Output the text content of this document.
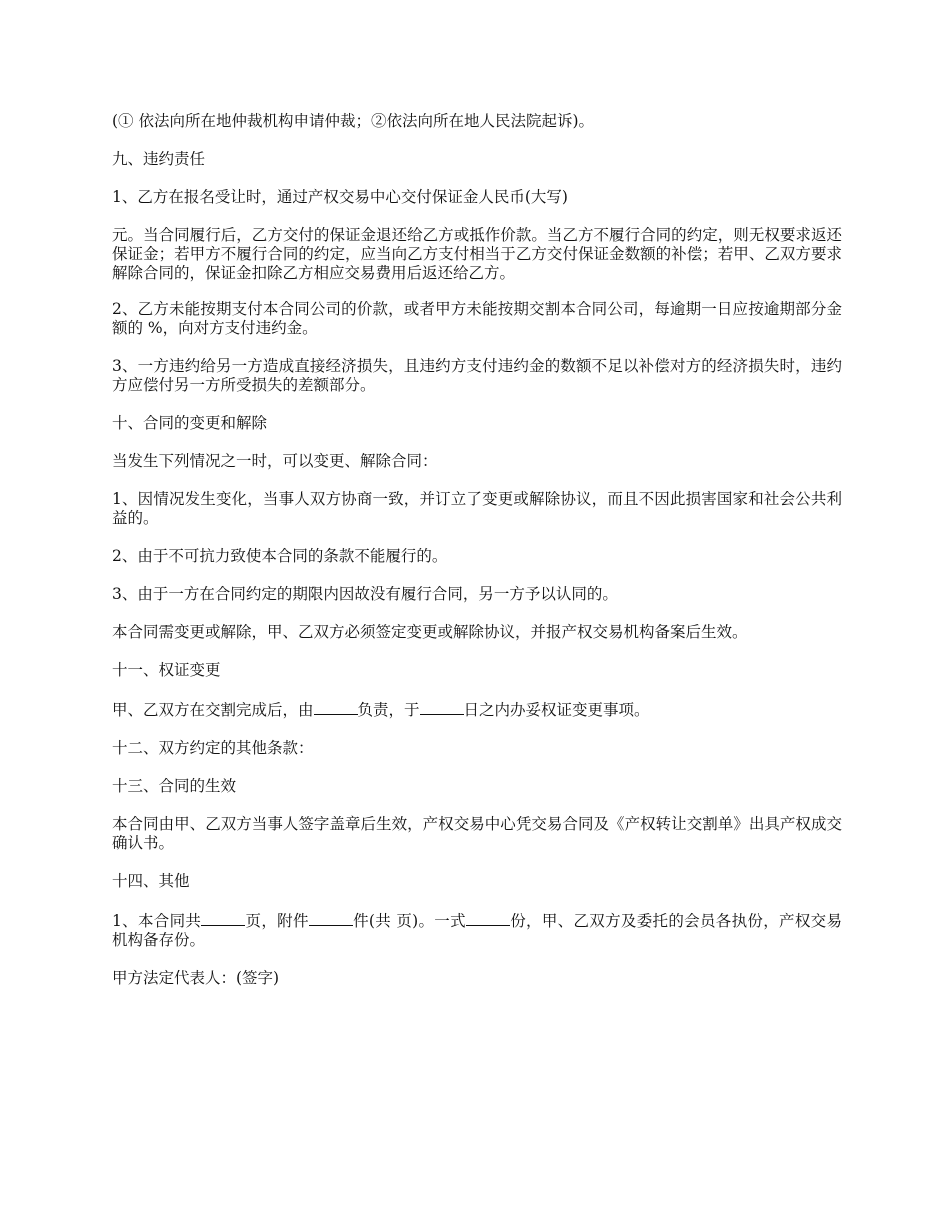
(① 依法向所在地仲裁机构申请仲裁；②依法向所在地人民法院起诉)。

九、违约责任

1、乙方在报名受让时，通过产权交易中心交付保证金人民币(大写)

元。当合同履行后，乙方交付的保证金退还给乙方或抵作价款。当乙方不履行合同的约定，则无权要求返还保证金；若甲方不履行合同的约定，应当向乙方支付相当于乙方交付保证金数额的补偿；若甲、乙双方要求解除合同的，保证金扣除乙方相应交易费用后返还给乙方。

2、乙方未能按期支付本合同公司的价款，或者甲方未能按期交割本合同公司，每逾期一日应按逾期部分金额的 %，向对方支付违约金。

3、一方违约给另一方造成直接经济损失，且违约方支付违约金的数额不足以补偿对方的经济损失时，违约方应偿付另一方所受损失的差额部分。

十、合同的变更和解除

当发生下列情况之一时，可以变更、解除合同：

1、因情况发生变化，当事人双方协商一致，并订立了变更或解除协议，而且不因此损害国家和社会公共利益的。

2、由于不可抗力致使本合同的条款不能履行的。

3、由于一方在合同约定的期限内因故没有履行合同，另一方予以认同的。

本合同需变更或解除，甲、乙双方必须签定变更或解除协议，并报产权交易机构备案后生效。

十一、权证变更

甲、乙双方在交割完成后，由	负责，于	日之内办妥权证变更事项。

十二、双方约定的其他条款：

十三、合同的生效

本合同由甲、乙双方当事人签字盖章后生效，产权交易中心凭交易合同及《产权转让交割单》出具产权成交确认书。

十四、其他

1、本合同共	页，附件	件(共 页)。一式	份，甲、乙双方及委托的会员各执份，产权交易机构备存份。

甲方法定代表人：(签字)
